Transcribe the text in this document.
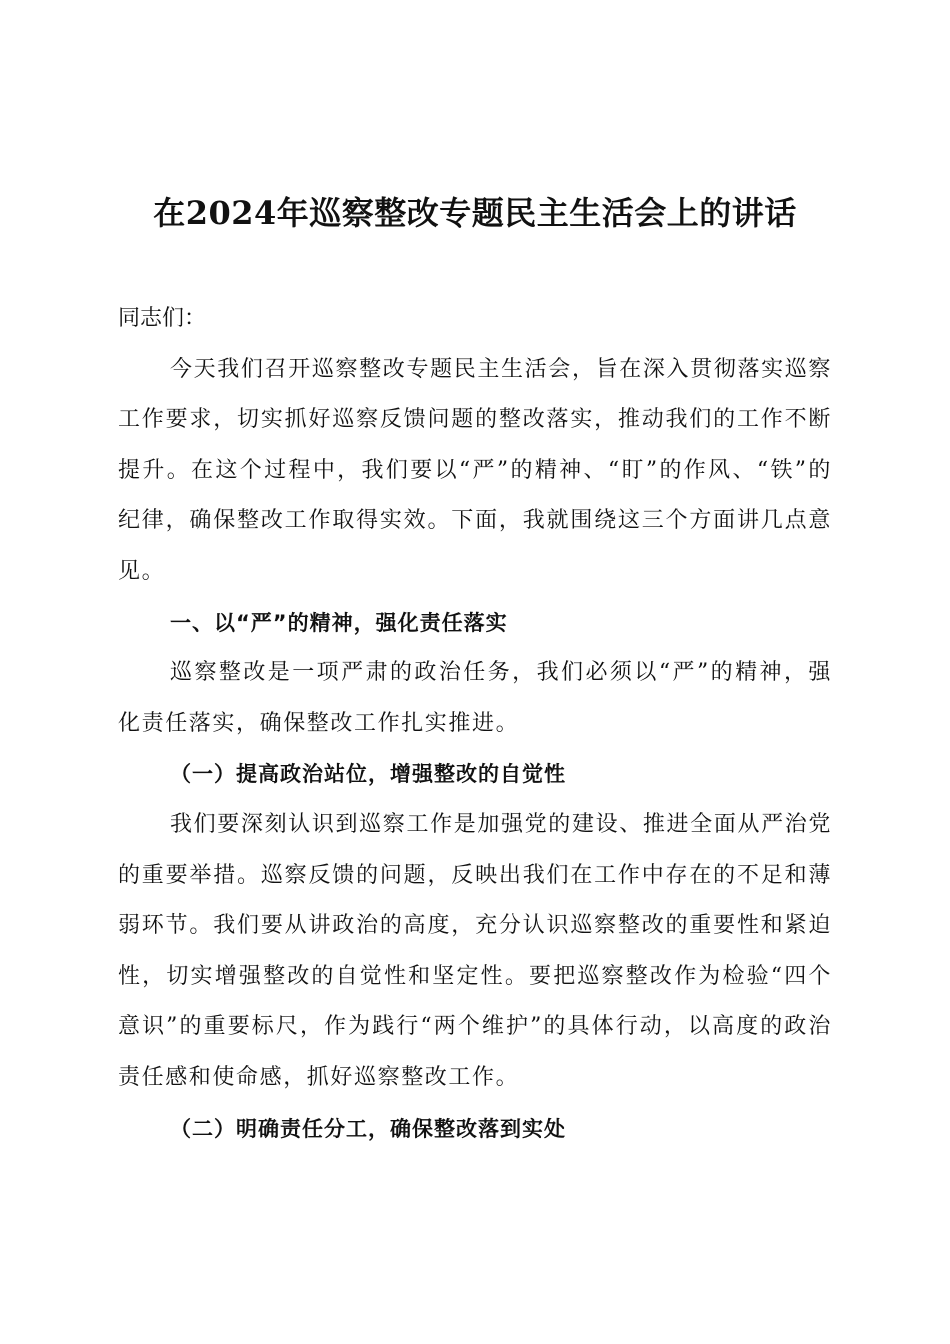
在2024年巡察整改专题民主生活会上的讲话

同志们：

今天我们召开巡察整改专题民主生活会，旨在深入贯彻落实巡察工作要求，切实抓好巡察反馈问题的整改落实，推动我们的工作不断提升。在这个过程中，我们要以“严”的精神、“盯”的作风、“铁”的纪律，确保整改工作取得实效。下面，我就围绕这三个方面讲几点意见。

一、以“严”的精神，强化责任落实

巡察整改是一项严肃的政治任务，我们必须以“严”的精神，强化责任落实，确保整改工作扎实推进。

（一）提高政治站位，增强整改的自觉性

我们要深刻认识到巡察工作是加强党的建设、推进全面从严治党的重要举措。巡察反馈的问题，反映出我们在工作中存在的不足和薄弱环节。我们要从讲政治的高度，充分认识巡察整改的重要性和紧迫性，切实增强整改的自觉性和坚定性。要把巡察整改作为检验“四个意识”的重要标尺，作为践行“两个维护”的具体行动，以高度的政治责任感和使命感，抓好巡察整改工作。

（二）明确责任分工，确保整改落到实处
